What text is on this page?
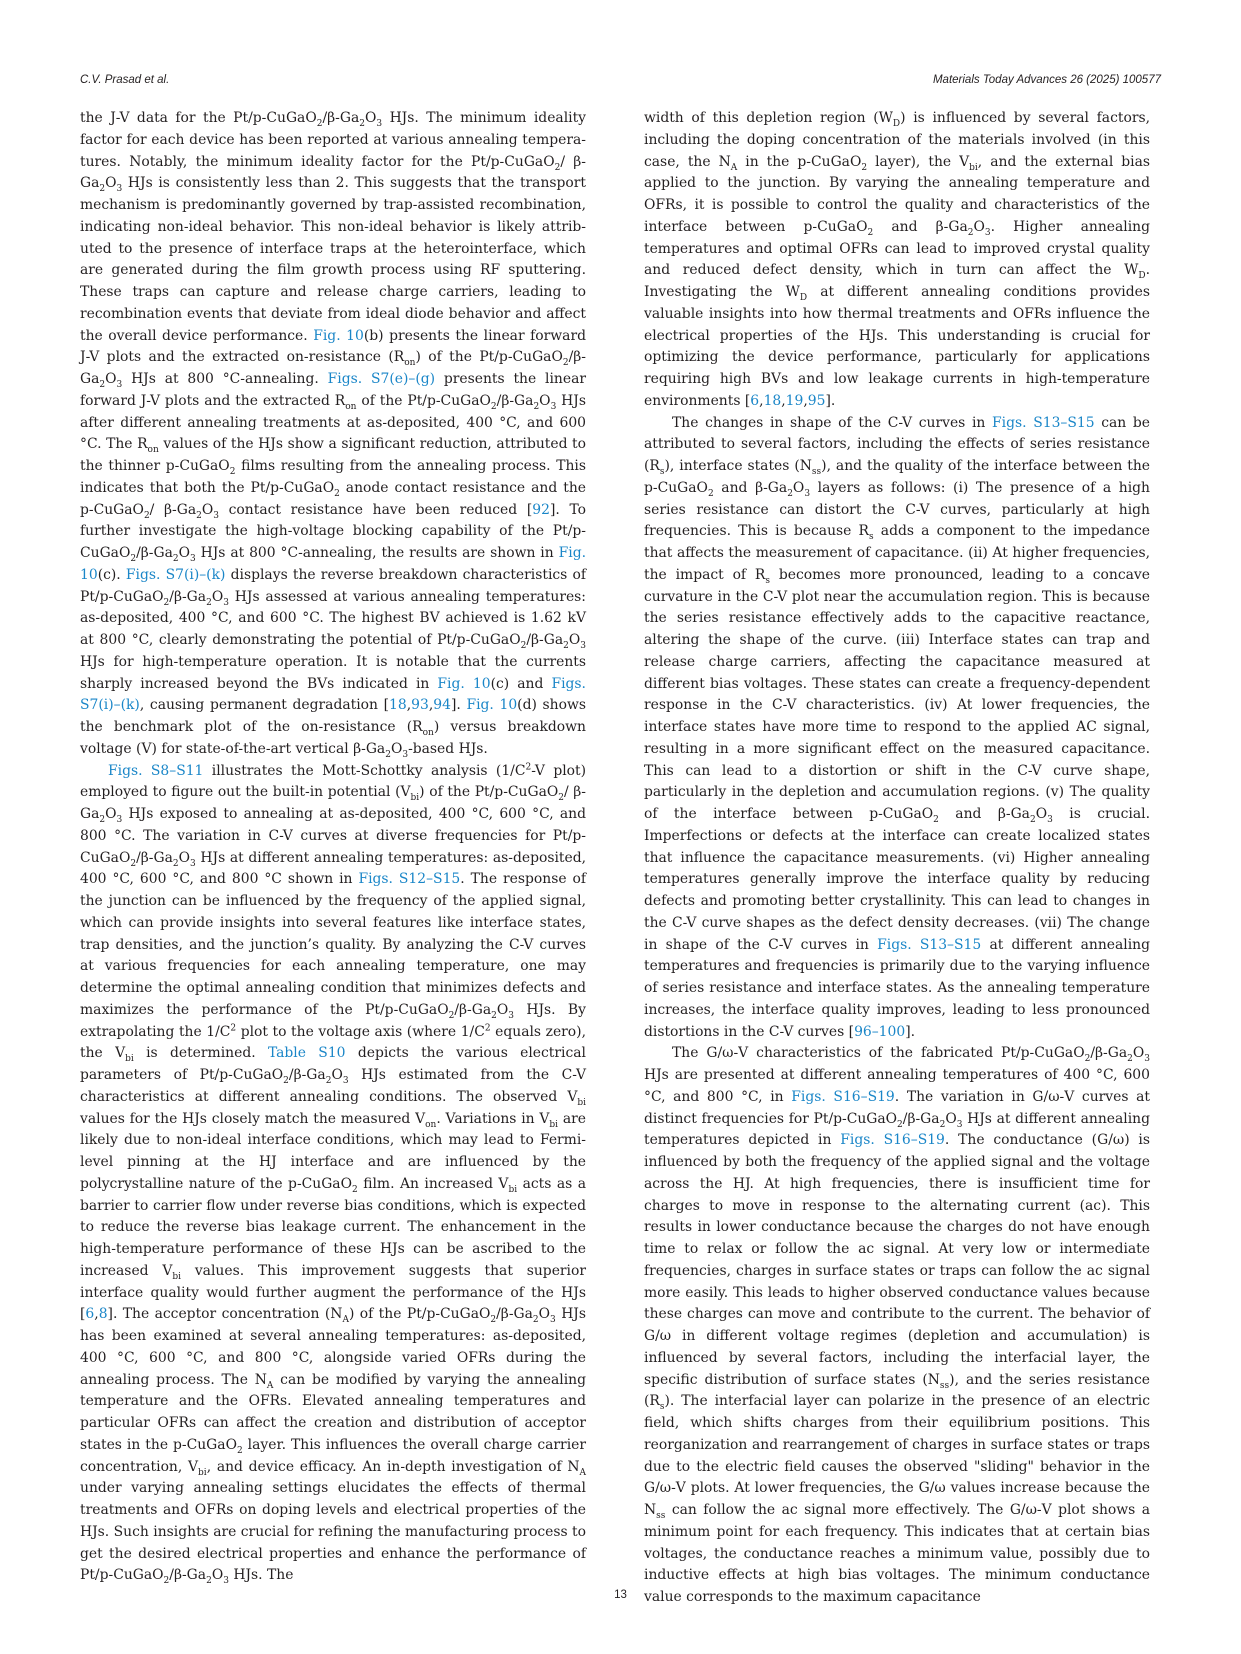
C.V. Prasad et al.	Materials Today Advances 26 (2025) 100577

the J-V data for the $Pt/p-CuGaO_2/\beta-Ga_2O_3$ HJs. The minimum ideality factor for each device has been reported at various annealing temperatures. Notably, the minimum ideality factor for the Pt/p-CuGaO$_2$/ $\beta-Ga_2O_3$ HJs is consistently less than 2. This suggests that the transport mechanism is predominantly governed by trap-assisted recombination, indicating non-ideal behavior. This non-ideal behavior is likely attributed to the presence of interface traps at the heterointerface, which are generated during the film growth process using RF sputtering. These traps can capture and release charge carriers, leading to recombination events that deviate from ideal diode behavior and affect the overall device performance. Fig. 10(b) presents the linear forward J-V plots and the extracted on-resistance $(R_{on})$ of the $Pt/p-CuGaO_2/\beta-Ga_2O_3$ HJs at 800 °C-annealing. Figs. S7(e)–(g) presents the linear forward J-V plots and the extracted $R_{on}$ of the $Pt/p-CuGaO_2/\beta-Ga_2O_3$ HJs after different annealing treatments at as-deposited, 400 °C, and 600 °C. The $R_{on}$ values of the HJs show a significant reduction, attributed to the thinner p-CuGaO$_2$ films resulting from the annealing process. This indicates that both the Pt/p-CuGaO$_2$ anode contact resistance and the p-CuGaO$_2$/ $\beta-Ga_2O_3$ contact resistance have been reduced [92]. To further investigate the high-voltage blocking capability of the $Pt/p-CuGaO_2/\beta-Ga_2O_3$ HJs at 800 °C-annealing, the results are shown in Fig. 10(c). Figs. S7(i)–(k) displays the reverse breakdown characteristics of $Pt/p-CuGaO_2/\beta-Ga_2O_3$ HJs assessed at various annealing temperatures: as-deposited, 400 °C, and 600 °C. The highest BV achieved is 1.62 kV at 800 °C, clearly demonstrating the potential of $Pt/p-CuGaO_2/\beta-Ga_2O_3$ HJs for high-temperature operation. It is notable that the currents sharply increased beyond the BVs indicated in Fig. 10(c) and Figs. S7(i)–(k), causing permanent degradation [18,93,94]. Fig. 10(d) shows the benchmark plot of the on-resistance $(R_{on})$ versus breakdown voltage (V) for state-of-the-art vertical $\beta-Ga_2O_3$-based HJs.

Figs. S8–S11 illustrates the Mott-Schottky analysis ($1/C^2-V$ plot) employed to figure out the built-in potential $(V_{bi})$ of the Pt/p-CuGaO$_2$/ $\beta-Ga_2O_3$ HJs exposed to annealing at as-deposited, 400 °C, 600 °C, and 800 °C. The variation in C-V curves at diverse frequencies for $Pt/p-CuGaO_2/\beta-Ga_2O_3$ HJs at different annealing temperatures: as-deposited, 400 °C, 600 °C, and 800 °C shown in Figs. S12–S15. The response of the junction can be influenced by the frequency of the applied signal, which can provide insights into several features like interface states, trap densities, and the junction’s quality. By analyzing the C-V curves at various frequencies for each annealing temperature, one may determine the optimal annealing condition that minimizes defects and maximizes the performance of the $Pt/p-CuGaO_2/\beta-Ga_2O_3$ HJs. By extrapolating the $1/C^2$ plot to the voltage axis (where $1/C^2$ equals zero), the $V_{bi}$ is determined. Table S10 depicts the various electrical parameters of $Pt/p-CuGaO_2/\beta-Ga_2O_3$ HJs estimated from the C-V characteristics at different annealing conditions. The observed $V_{bi}$ values for the HJs closely match the measured $V_{on}$. Variations in $V_{bi}$ are likely due to non-ideal interface conditions, which may lead to Fermi-level pinning at the HJ interface and are influenced by the polycrystalline nature of the p-CuGaO$_2$ film. An increased $V_{bi}$ acts as a barrier to carrier flow under reverse bias conditions, which is expected to reduce the reverse bias leakage current. The enhancement in the high-temperature performance of these HJs can be ascribed to the increased $V_{bi}$ values. This improvement suggests that superior interface quality would further augment the performance of the HJs [6,8]. The acceptor concentration $(N_A)$ of the $Pt/p-CuGaO_2/\beta-Ga_2O_3$ HJs has been examined at several annealing temperatures: as-deposited, 400 °C, 600 °C, and 800 °C, alongside varied OFRs during the annealing process. The $N_A$ can be modified by varying the annealing temperature and the OFRs. Elevated annealing temperatures and particular OFRs can affect the creation and distribution of acceptor states in the p-CuGaO$_2$ layer. This influences the overall charge carrier concentration, $V_{bi}$, and device efficacy. An in-depth investigation of $N_A$ under varying annealing settings elucidates the effects of thermal treatments and OFRs on doping levels and electrical properties of the HJs. Such insights are crucial for refining the manufacturing process to get the desired electrical properties and enhance the performance of $Pt/p-CuGaO_2/\beta-Ga_2O_3$ HJs. The

width of this depletion region $(W_D)$ is influenced by several factors, including the doping concentration of the materials involved (in this case, the $N_A$ in the p-CuGaO$_2$ layer), the $V_{bi}$, and the external bias applied to the junction. By varying the annealing temperature and OFRs, it is possible to control the quality and characteristics of the interface between p-CuGaO$_2$ and $\beta-Ga_2O_3$. Higher annealing temperatures and optimal OFRs can lead to improved crystal quality and reduced defect density, which in turn can affect the $W_D$. Investigating the $W_D$ at different annealing conditions provides valuable insights into how thermal treatments and OFRs influence the electrical properties of the HJs. This understanding is crucial for optimizing the device performance, particularly for applications requiring high BVs and low leakage currents in high-temperature environments [6,18,19,95].

The changes in shape of the C-V curves in Figs. S13–S15 can be attributed to several factors, including the effects of series resistance $(R_s)$, interface states $(N_{ss})$, and the quality of the interface between the p-CuGaO$_2$ and $\beta-Ga_2O_3$ layers as follows: (i) The presence of a high series resistance can distort the C-V curves, particularly at high frequencies. This is because $R_s$ adds a component to the impedance that affects the measurement of capacitance. (ii) At higher frequencies, the impact of $R_s$ becomes more pronounced, leading to a concave curvature in the C-V plot near the accumulation region. This is because the series resistance effectively adds to the capacitive reactance, altering the shape of the curve. (iii) Interface states can trap and release charge carriers, affecting the capacitance measured at different bias voltages. These states can create a frequency-dependent response in the C-V characteristics. (iv) At lower frequencies, the interface states have more time to respond to the applied AC signal, resulting in a more significant effect on the measured capacitance. This can lead to a distortion or shift in the C-V curve shape, particularly in the depletion and accumulation regions. (v) The quality of the interface between p-CuGaO$_2$ and $\beta-Ga_2O_3$ is crucial. Imperfections or defects at the interface can create localized states that influence the capacitance measurements. (vi) Higher annealing temperatures generally improve the interface quality by reducing defects and promoting better crystallinity. This can lead to changes in the C-V curve shapes as the defect density decreases. (vii) The change in shape of the C-V curves in Figs. S13–S15 at different annealing temperatures and frequencies is primarily due to the varying influence of series resistance and interface states. As the annealing temperature increases, the interface quality improves, leading to less pronounced distortions in the C-V curves [96–100].

The G/ω-V characteristics of the fabricated $Pt/p-CuGaO_2/\beta-Ga_2O_3$ HJs are presented at different annealing temperatures of 400 °C, 600 °C, and 800 °C, in Figs. S16–S19. The variation in G/ω-V curves at distinct frequencies for $Pt/p-CuGaO_2/\beta-Ga_2O_3$ HJs at different annealing temperatures depicted in Figs. S16–S19. The conductance (G/ω) is influenced by both the frequency of the applied signal and the voltage across the HJ. At high frequencies, there is insufficient time for charges to move in response to the alternating current (ac). This results in lower conductance because the charges do not have enough time to relax or follow the ac signal. At very low or intermediate frequencies, charges in surface states or traps can follow the ac signal more easily. This leads to higher observed conductance values because these charges can move and contribute to the current. The behavior of G/ω in different voltage regimes (depletion and accumulation) is influenced by several factors, including the interfacial layer, the specific distribution of surface states $(N_{ss})$, and the series resistance $(R_s)$. The interfacial layer can polarize in the presence of an electric field, which shifts charges from their equilibrium positions. This reorganization and rearrangement of charges in surface states or traps due to the electric field causes the observed "sliding" behavior in the G/ω-V plots. At lower frequencies, the G/ω values increase because the $N_{ss}$ can follow the ac signal more effectively. The G/ω-V plot shows a minimum point for each frequency. This indicates that at certain bias voltages, the conductance reaches a minimum value, possibly due to inductive effects at high bias voltages. The minimum conductance value corresponds to the maximum capacitance

13
